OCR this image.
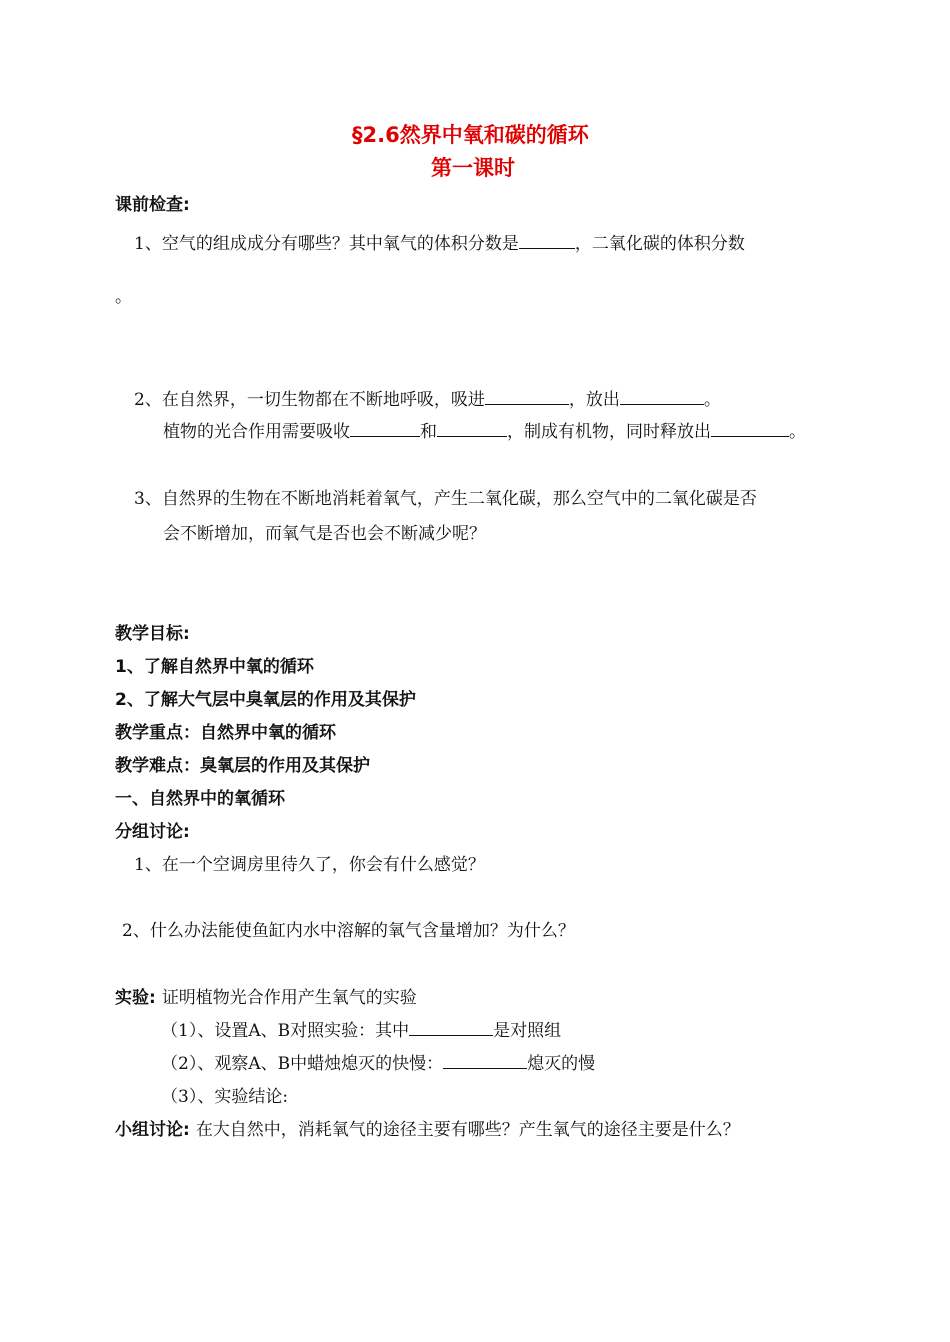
§2.6然界中氧和碳的循环
第一课时
课前检查:
1、空气的组成成分有哪些？其中氧气的体积分数是	，二氧化碳的体积分数
。
2、在自然界，一切生物都在不断地呼吸，吸进	，放出	。
植物的光合作用需要吸收	和	，制成有机物，同时释放出	。
3、自然界的生物在不断地消耗着氧气，产生二氧化碳，那么空气中的二氧化碳是否
会不断增加，而氧气是否也会不断减少呢？
教学目标:
1、了解自然界中氧的循环
2、了解大气层中臭氧层的作用及其保护
教学重点：自然界中氧的循环
教学难点：臭氧层的作用及其保护
一、自然界中的氧循环
分组讨论:
1、在一个空调房里待久了，你会有什么感觉？
2、什么办法能使鱼缸内水中溶解的氧气含量增加？为什么？
实验: 证明植物光合作用产生氧气的实验
（1）、设置A、B对照实验：其中	是对照组
（2）、观察A、B中蜡烛熄灭的快慢：	熄灭的慢
（3）、实验结论:
小组讨论: 在大自然中，消耗氧气的途径主要有哪些？产生氧气的途径主要是什么？
